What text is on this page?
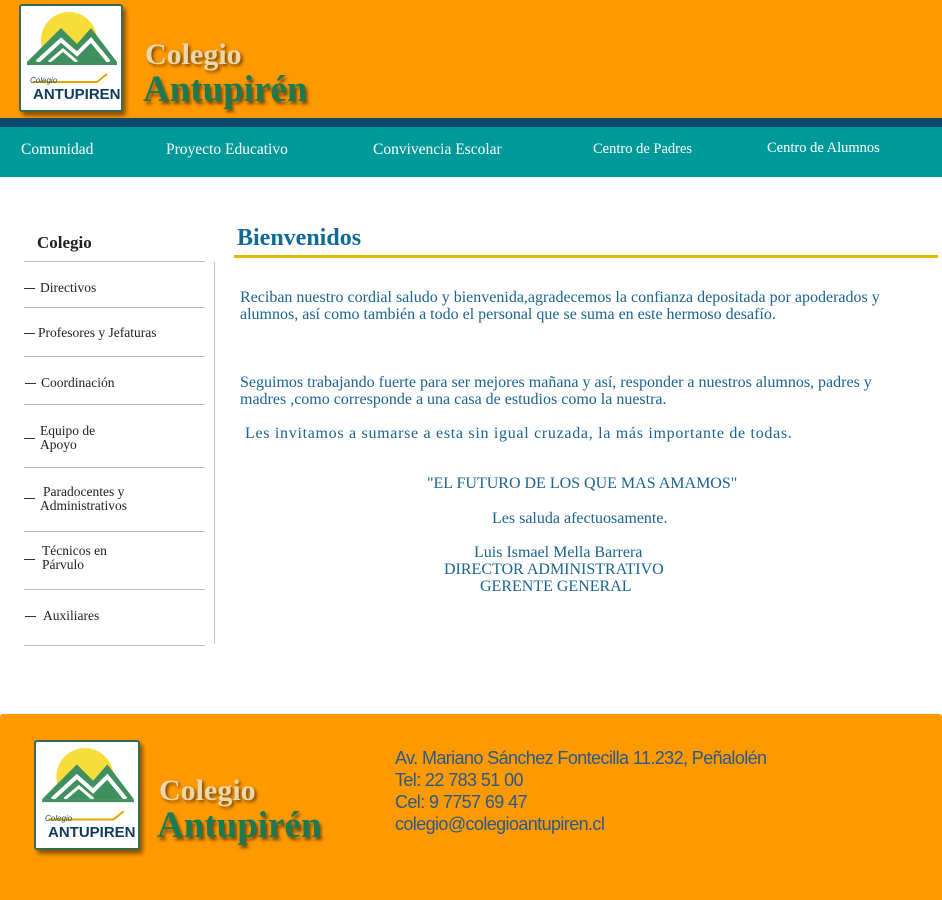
Colegio
ANTUPIREN
Colegio
Antupirén
Comunidad	Proyecto Educativo	Convivencia Escolar	Centro de Padres	Centro de Alumnos
Colegio
Directivos
Profesores y Jefaturas
Coordinación
Equipo de
Apoyo
Paradocentes y
Administrativos
Técnicos en
Párvulo
Auxiliares
Bienvenidos

Reciban nuestro cordial saludo y bienvenida,agradecemos la confianza depositada por apoderados y alumnos, así como también a todo el personal que se suma en este hermoso desafío.

Seguimos trabajando fuerte para ser mejores mañana y así, responder a nuestros alumnos, padres y madres ,como corresponde a una casa de estudios como la nuestra.

Les invitamos a sumarse a esta sin igual cruzada, la más importante de todas.

"EL FUTURO DE LOS QUE MAS AMAMOS"
Les saluda afectuosamente.
Luis Ismael Mella Barrera
DIRECTOR ADMINISTRATIVO
GERENTE GENERAL
Colegio
ANTUPIREN
Colegio
Antupirén
Av. Mariano Sánchez Fontecilla 11.232, Peñalolén
Tel: 22 783 51 00
Cel: 9 7757 69 47
colegio@colegioantupiren.cl
